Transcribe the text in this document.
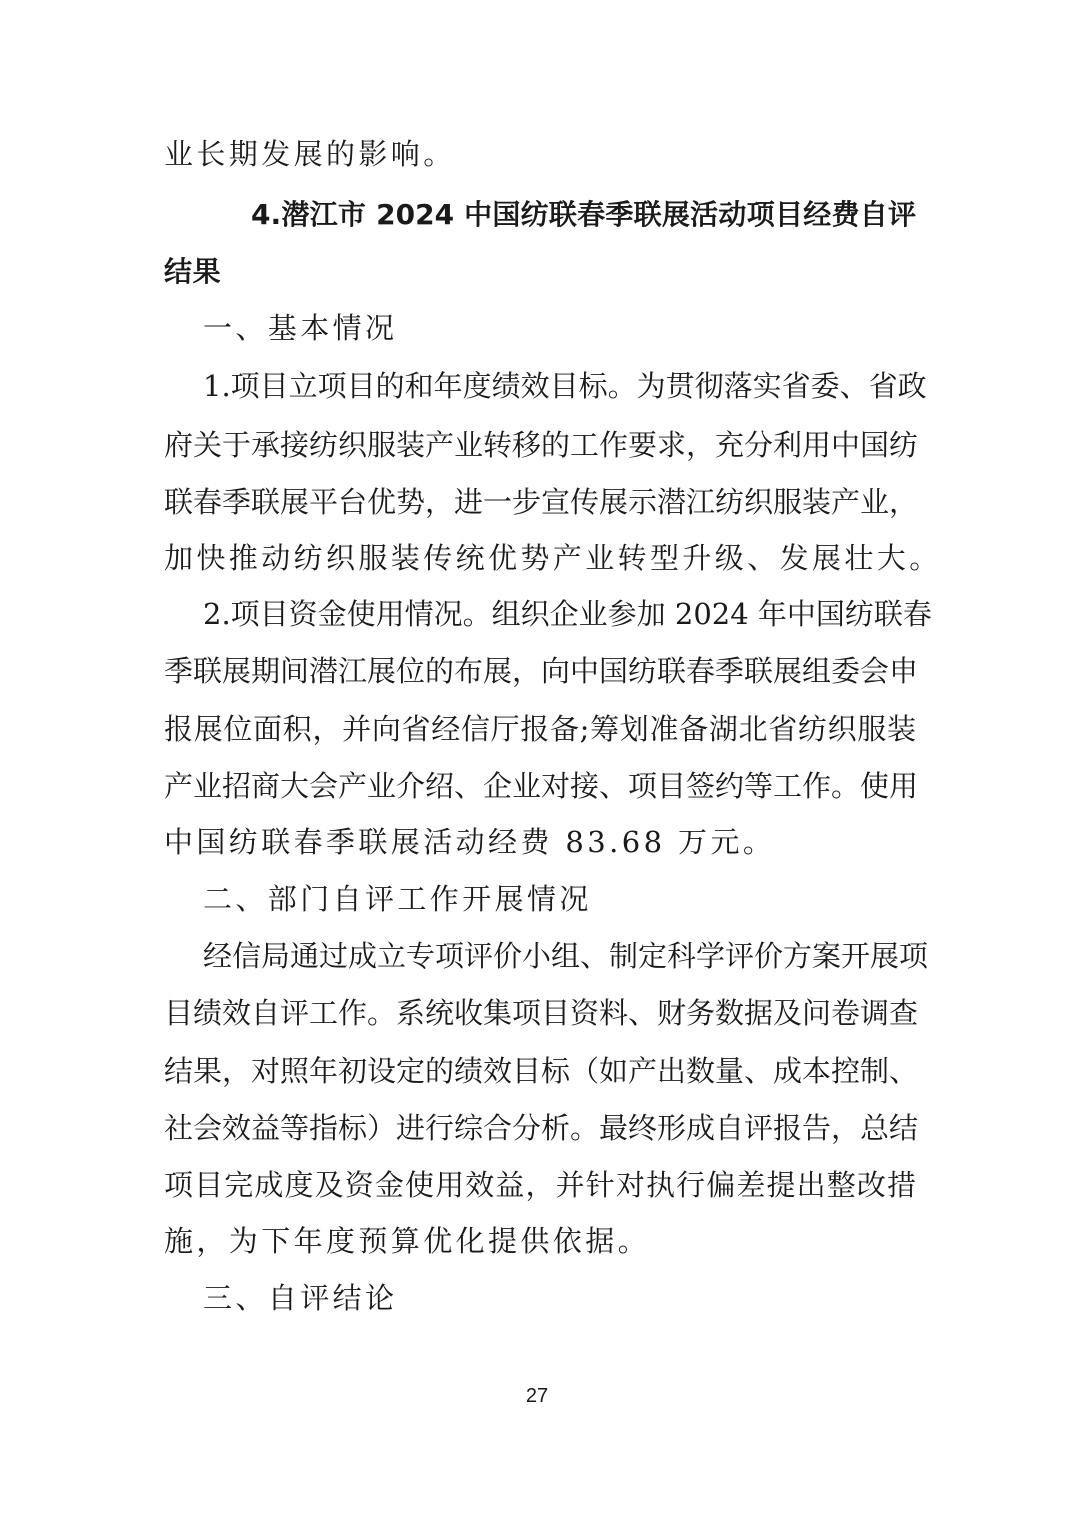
业长期发展的影响。
4.潜江市 2024 中国纺联春季联展活动项目经费自评
结果
一、基本情况
1.项目立项目的和年度绩效目标。为贯彻落实省委、省政
府关于承接纺织服装产业转移的工作要求，充分利用中国纺
联春季联展平台优势，进一步宣传展示潜江纺织服装产业，
加快推动纺织服装传统优势产业转型升级、发展壮大。
2.项目资金使用情况。组织企业参加 2024 年中国纺联春
季联展期间潜江展位的布展，向中国纺联春季联展组委会申
报展位面积，并向省经信厅报备;筹划准备湖北省纺织服装
产业招商大会产业介绍、企业对接、项目签约等工作。使用
中国纺联春季联展活动经费 83.68 万元。
二、部门自评工作开展情况
经信局通过成立专项评价小组、制定科学评价方案开展项
目绩效自评工作。系统收集项目资料、财务数据及问卷调查
结果，对照年初设定的绩效目标（如产出数量、成本控制、
社会效益等指标）进行综合分析。最终形成自评报告，总结
项目完成度及资金使用效益，并针对执行偏差提出整改措
施，为下年度预算优化提供依据。
三、自评结论
27
